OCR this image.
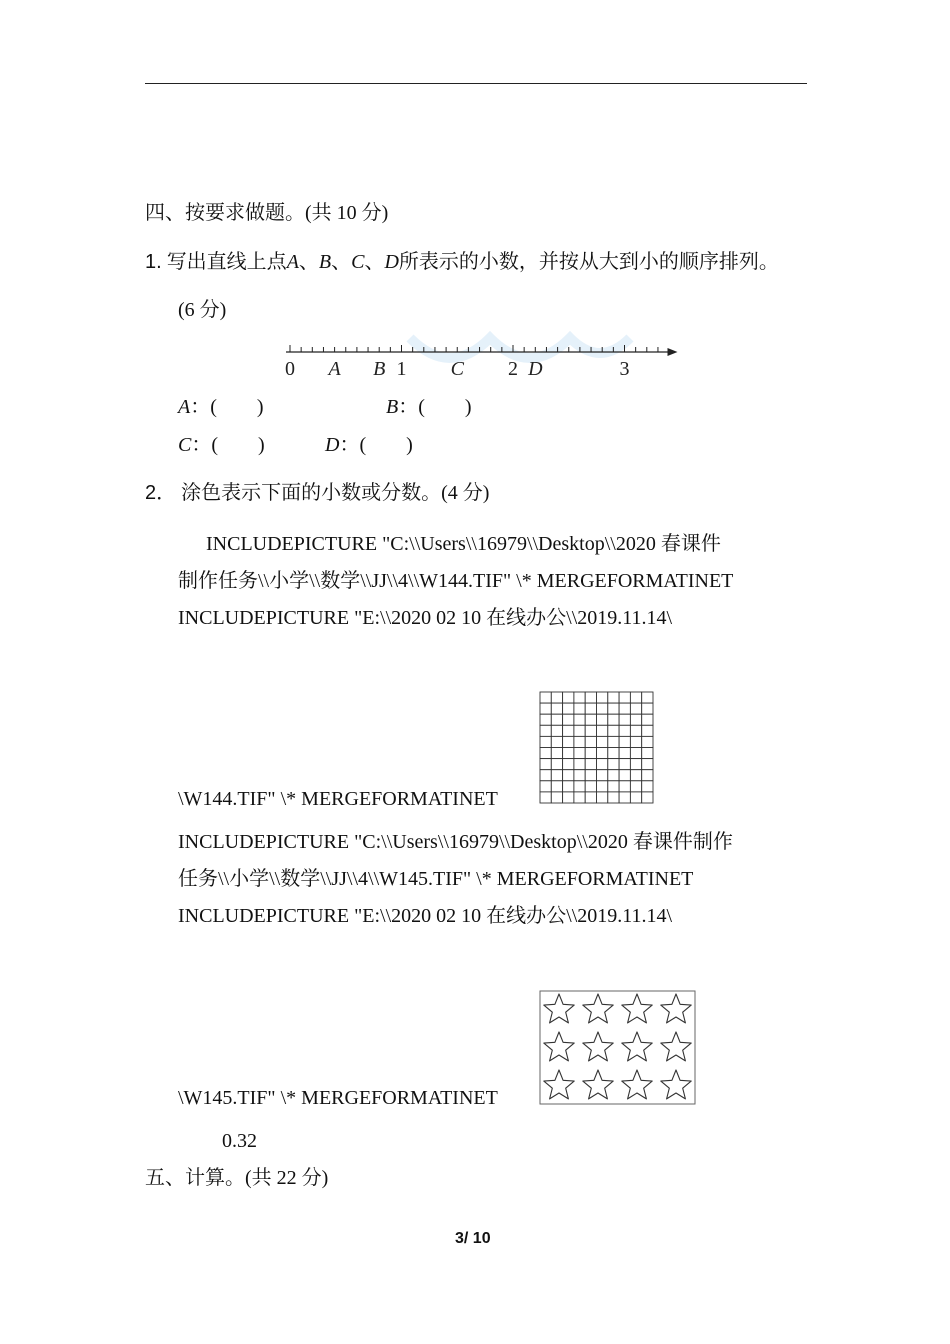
四、按要求做题。(共 10 分)
1. 写出直线上点A、B、C、D所表示的小数，并按从大到小的顺序排列。
(6 分)
0	1	2	3
A B	C	D
A：(　　)	B：(　　)
C：(　　)	D：(　　)
2． 涂色表示下面的小数或分数。(4 分)
INCLUDEPICTURE "C:\\Users\\16979\\Desktop\\2020 春课件
制作任务\\小学\\数学\\JJ\\4\\W144.TIF" \* MERGEFORMATINET
INCLUDEPICTURE "E:\\2020 02 10 在线办公\\2019.11.14\
\W144.TIF" \* MERGEFORMATINET
INCLUDEPICTURE "C:\\Users\\16979\\Desktop\\2020 春课件制作
任务\\小学\\数学\\JJ\\4\\W145.TIF" \* MERGEFORMATINET
INCLUDEPICTURE "E:\\2020 02 10 在线办公\\2019.11.14\
\W145.TIF" \* MERGEFORMATINET
0.32
五、计算。(共 22 分)
3/ 10
